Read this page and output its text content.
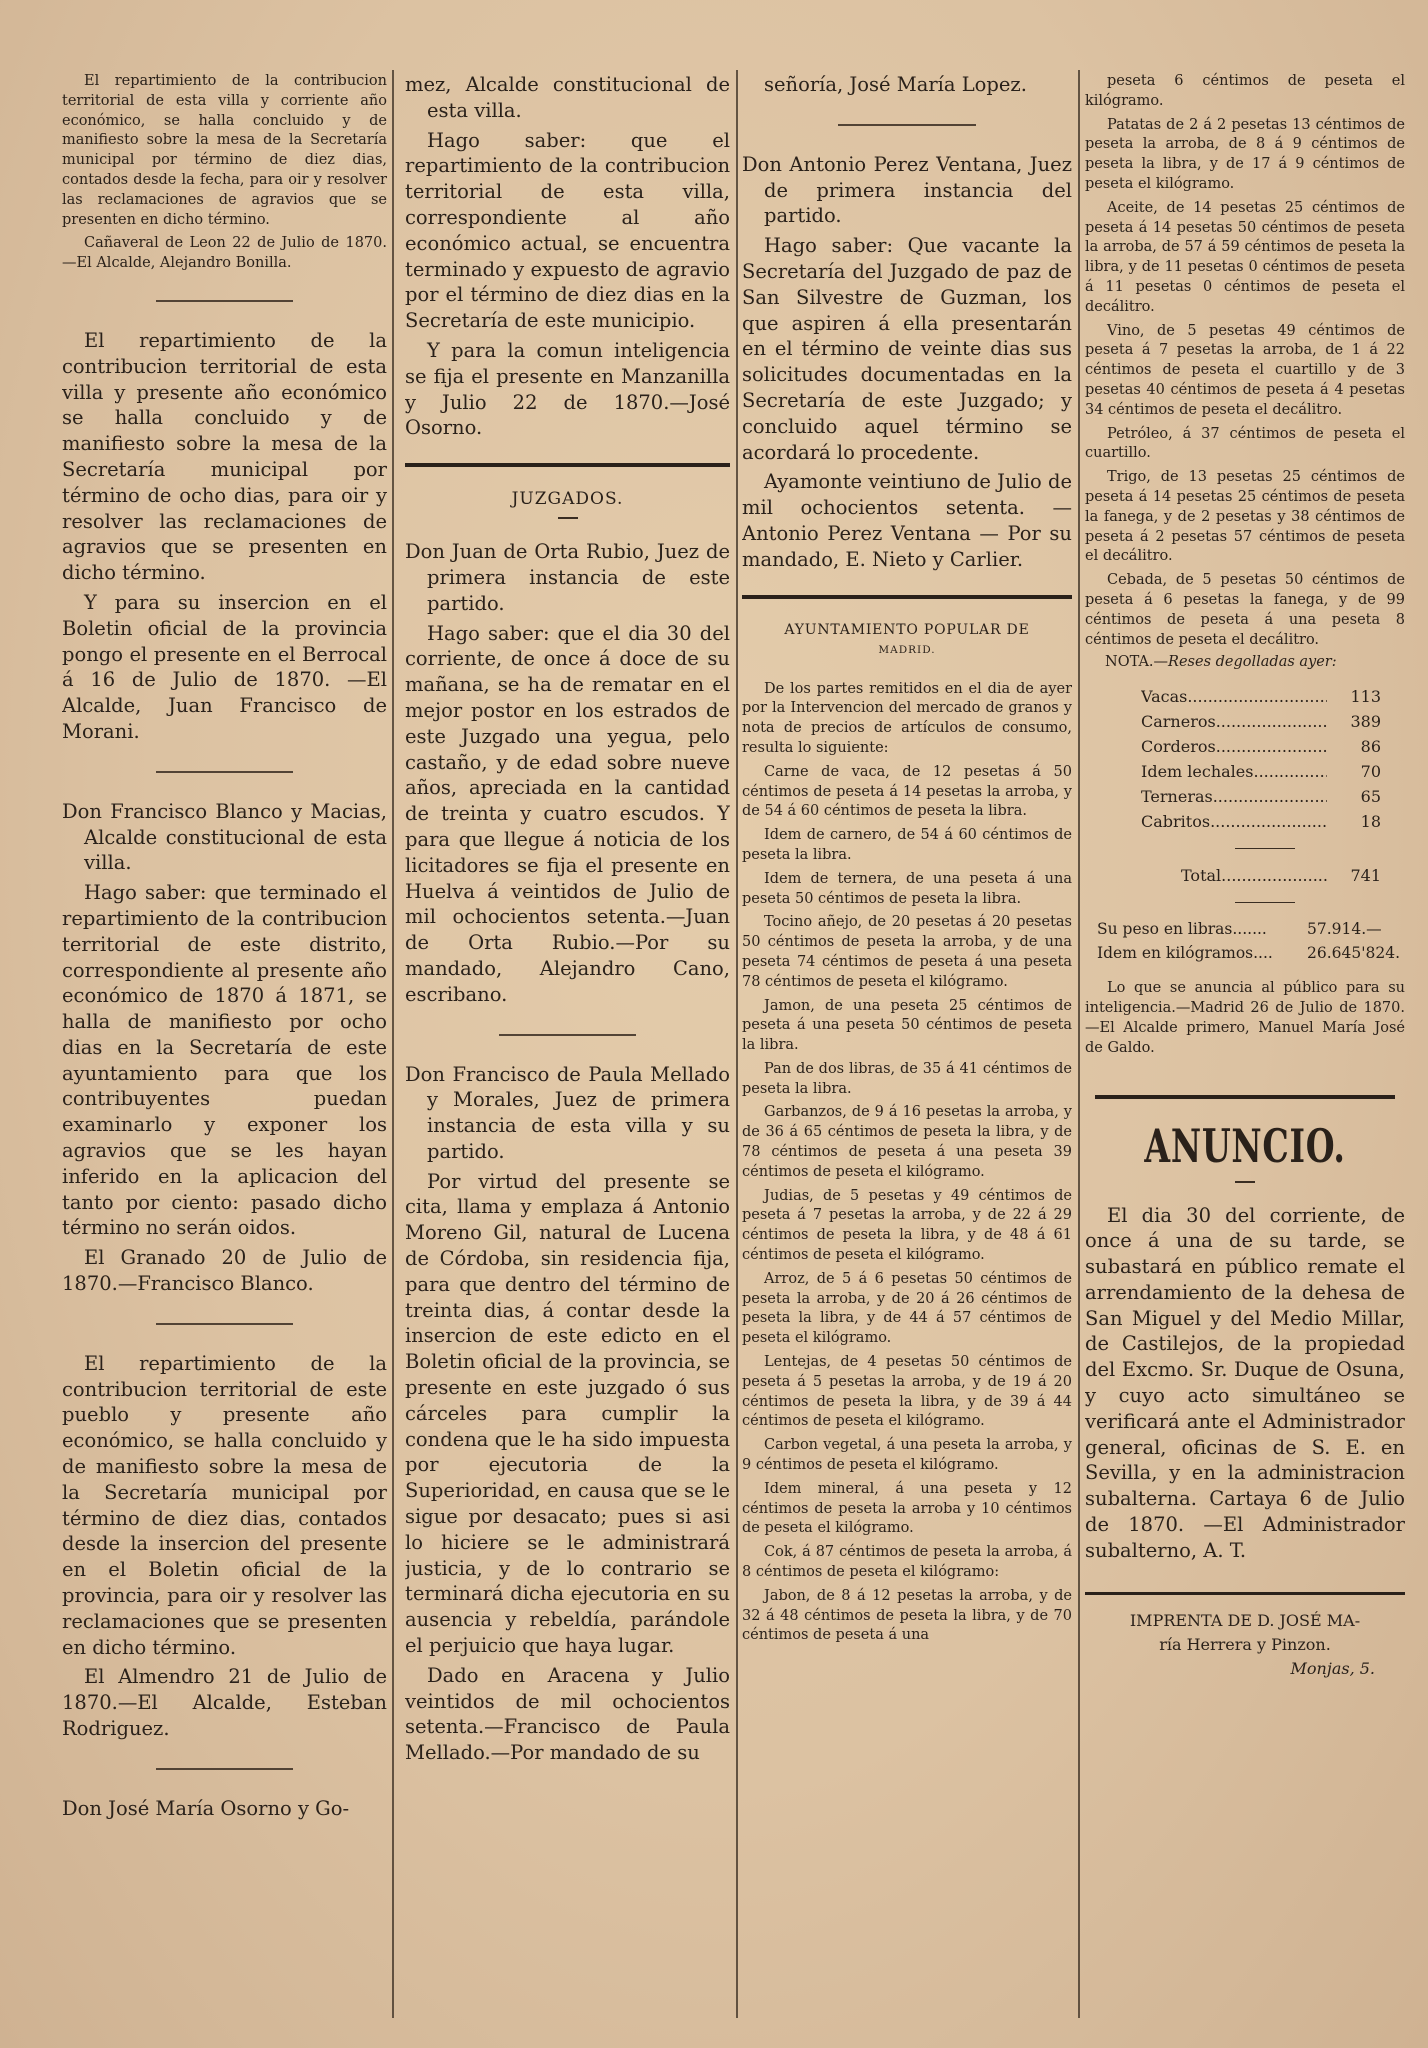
El repartimiento de la contribucion territorial de esta villa y corriente año económico, se halla concluido y de manifiesto sobre la mesa de la Secretaría municipal por término de diez dias, contados desde la fecha, para oir y resolver las reclamaciones de agravios que se presenten en dicho término.

Cañaveral de Leon 22 de Julio de 1870.—El Alcalde, Alejandro Bonilla.

El repartimiento de la contribucion territorial de esta villa y presente año económico se halla concluido y de manifiesto sobre la mesa de la Secretaría municipal por término de ocho dias, para oir y resolver las reclamaciones de agravios que se presenten en dicho término.

Y para su insercion en el Boletin oficial de la provincia pongo el presente en el Berrocal á 16 de Julio de 1870. —El Alcalde, Juan Francisco de Morani.

Don Francisco Blanco y Macias, Alcalde constitucional de esta villa.

Hago saber: que terminado el repartimiento de la contribucion territorial de este distrito, correspondiente al presente año económico de 1870 á 1871, se halla de manifiesto por ocho dias en la Secretaría de este ayuntamiento para que los contribuyentes puedan examinarlo y exponer los agravios que se les hayan inferido en la aplicacion del tanto por ciento: pasado dicho término no serán oidos.

El Granado 20 de Julio de 1870.—Francisco Blanco.

El repartimiento de la contribucion territorial de este pueblo y presente año económico, se halla concluido y de manifiesto sobre la mesa de la Secretaría municipal por término de diez dias, contados desde la insercion del presente en el Boletin oficial de la provincia, para oir y resolver las reclamaciones que se presenten en dicho término.

El Almendro 21 de Julio de 1870.—El Alcalde, Esteban Rodriguez.

Don José María Osorno y Go-

mez, Alcalde constitucional de esta villa.

Hago saber: que el repartimiento de la contribucion territorial de esta villa, correspondiente al año económico actual, se encuentra terminado y expuesto de agravio por el término de diez dias en la Secretaría de este municipio.

Y para la comun inteligencia se fija el presente en Manzanilla y Julio 22 de 1870.—José Osorno.

JUZGADOS.

Don Juan de Orta Rubio, Juez de primera instancia de este partido.

Hago saber: que el dia 30 del corriente, de once á doce de su mañana, se ha de rematar en el mejor postor en los estrados de este Juzgado una yegua, pelo castaño, y de edad sobre nueve años, apreciada en la cantidad de treinta y cuatro escudos. Y para que llegue á noticia de los licitadores se fija el presente en Huelva á veintidos de Julio de mil ochocientos setenta.—Juan de Orta Rubio.—Por su mandado, Alejandro Cano, escribano.

Don Francisco de Paula Mellado y Morales, Juez de primera instancia de esta villa y su partido.

Por virtud del presente se cita, llama y emplaza á Antonio Moreno Gil, natural de Lucena de Córdoba, sin residencia fija, para que dentro del término de treinta dias, á contar desde la insercion de este edicto en el Boletin oficial de la provincia, se presente en este juzgado ó sus cárceles para cumplir la condena que le ha sido impuesta por ejecutoria de la Superioridad, en causa que se le sigue por desacato; pues si asi lo hiciere se le administrará justicia, y de lo contrario se terminará dicha ejecutoria en su ausencia y rebeldía, parándole el perjuicio que haya lugar.

Dado en Aracena y Julio veintidos de mil ochocientos setenta.—Francisco de Paula Mellado.—Por mandado de su

señoría, José María Lopez.

Don Antonio Perez Ventana, Juez de primera instancia del partido.

Hago saber: Que vacante la Secretaría del Juzgado de paz de San Silvestre de Guzman, los que aspiren á ella presentarán en el término de veinte dias sus solicitudes documentadas en la Secretaría de este Juzgado; y concluido aquel término se acordará lo procedente.

Ayamonte veintiuno de Julio de mil ochocientos setenta. —Antonio Perez Ventana — Por su mandado, E. Nieto y Carlier.

AYUNTAMIENTO POPULAR DE
MADRID.

De los partes remitidos en el dia de ayer por la Intervencion del mercado de granos y nota de precios de artículos de consumo, resulta lo siguiente:

Carne de vaca, de 12 pesetas á 50 céntimos de peseta á 14 pesetas la arroba, y de 54 á 60 céntimos de peseta la libra.

Idem de carnero, de 54 á 60 céntimos de peseta la libra.

Idem de ternera, de una peseta á una peseta 50 céntimos de peseta la libra.

Tocino añejo, de 20 pesetas á 20 pesetas 50 céntimos de peseta la arroba, y de una peseta 74 céntimos de peseta á una peseta 78 céntimos de peseta el kilógramo.

Jamon, de una peseta 25 céntimos de peseta á una peseta 50 céntimos de peseta la libra.

Pan de dos libras, de 35 á 41 céntimos de peseta la libra.

Garbanzos, de 9 á 16 pesetas la arroba, y de 36 á 65 céntimos de peseta la libra, y de 78 céntimos de peseta á una peseta 39 céntimos de peseta el kilógramo.

Judias, de 5 pesetas y 49 céntimos de peseta á 7 pesetas la arroba, y de 22 á 29 céntimos de peseta la libra, y de 48 á 61 céntimos de peseta el kilógramo.

Arroz, de 5 á 6 pesetas 50 céntimos de peseta la arroba, y de 20 á 26 céntimos de peseta la libra, y de 44 á 57 céntimos de peseta el kilógramo.

Lentejas, de 4 pesetas 50 céntimos de peseta á 5 pesetas la arroba, y de 19 á 20 céntimos de peseta la libra, y de 39 á 44 céntimos de peseta el kilógramo.

Carbon vegetal, á una peseta la arroba, y 9 céntimos de peseta el kilógramo.

Idem mineral, á una peseta y 12 céntimos de peseta la arroba y 10 céntimos de peseta el kilógramo.

Cok, á 87 céntimos de peseta la arroba, á 8 céntimos de peseta el kilógramo:

Jabon, de 8 á 12 pesetas la arroba, y de 32 á 48 céntimos de peseta la libra, y de 70 céntimos de peseta á una

peseta 6 céntimos de peseta el kilógramo.

Patatas de 2 á 2 pesetas 13 céntimos de peseta la arroba, de 8 á 9 céntimos de peseta la libra, y de 17 á 9 céntimos de peseta el kilógramo.

Aceite, de 14 pesetas 25 céntimos de peseta á 14 pesetas 50 céntimos de peseta la arroba, de 57 á 59 céntimos de peseta la libra, y de 11 pesetas 0 céntimos de peseta á 11 pesetas 0 céntimos de peseta el decálitro.

Vino, de 5 pesetas 49 céntimos de peseta á 7 pesetas la arroba, de 1 á 22 céntimos de peseta el cuartillo y de 3 pesetas 40 céntimos de peseta á 4 pesetas 34 céntimos de peseta el decálitro.

Petróleo, á 37 céntimos de peseta el cuartillo.

Trigo, de 13 pesetas 25 céntimos de peseta á 14 pesetas 25 céntimos de peseta la fanega, y de 2 pesetas y 38 céntimos de peseta á 2 pesetas 57 céntimos de peseta el decálitro.

Cebada, de 5 pesetas 50 céntimos de peseta á 6 pesetas la fanega, y de 99 céntimos de peseta á una peseta 8 céntimos de peseta el decálitro.

NOTA.—Reses degolladas ayer:

Vacas .....	113
Carneros .....	389
Corderos .....	86
Idem lechales .....	70
Terneras .....	65
Cabritos .....	18
Total .....	741
Su peso en libras.......	57.914.—
Idem en kilógramos....	26.645'824.

Lo que se anuncia al público para su inteligencia.—Madrid 26 de Julio de 1870.—El Alcalde primero, Manuel María José de Galdo.

ANUNCIO.

El dia 30 del corriente, de once á una de su tarde, se subastará en público remate el arrendamiento de la dehesa de San Miguel y del Medio Millar, de Castilejos, de la propiedad del Excmo. Sr. Duque de Osuna, y cuyo acto simultáneo se verificará ante el Administrador general, oficinas de S. E. en Sevilla, y en la administracion subalterna. Cartaya 6 de Julio de 1870. —El Administrador subalterno, A. T.

IMPRENTA DE D. JOSÉ MA-
ría Herrera y Pinzon.
Monjas, 5.
